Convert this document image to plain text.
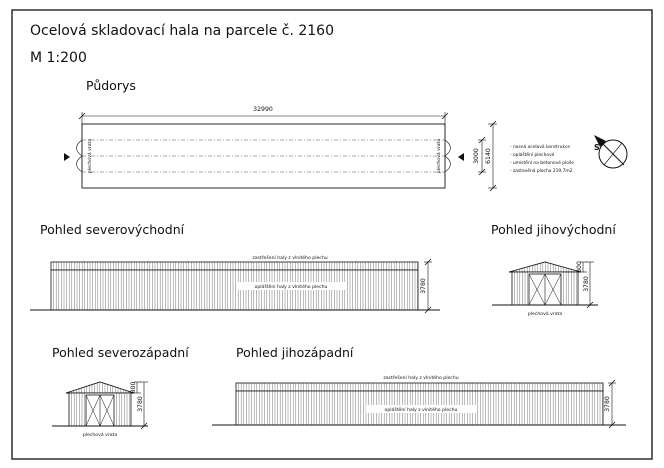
Ocelová skladovací hala na parcele č. 2160
M 1:200
Půdorys
32990
plechová vrata	plechová vrata	3000 6140
- nosná ocelová konstrukce
- opláštění plechové
- umístění na betonové ploše
- zastavěná plocha 219,7m2
S
Pohled severovýchodní
zastřešení haly z vlnitého plechu
opláštění haly z vlnitého plechu	3780
Pohled jihovýchodní
800
3780
plechová vrata
Pohled severozápadní
800
3780
plechová vrata
Pohled jihozápadní
zastřešení haly z vlnitého plechu
opláštění haly z vlnitého plechu	3780
